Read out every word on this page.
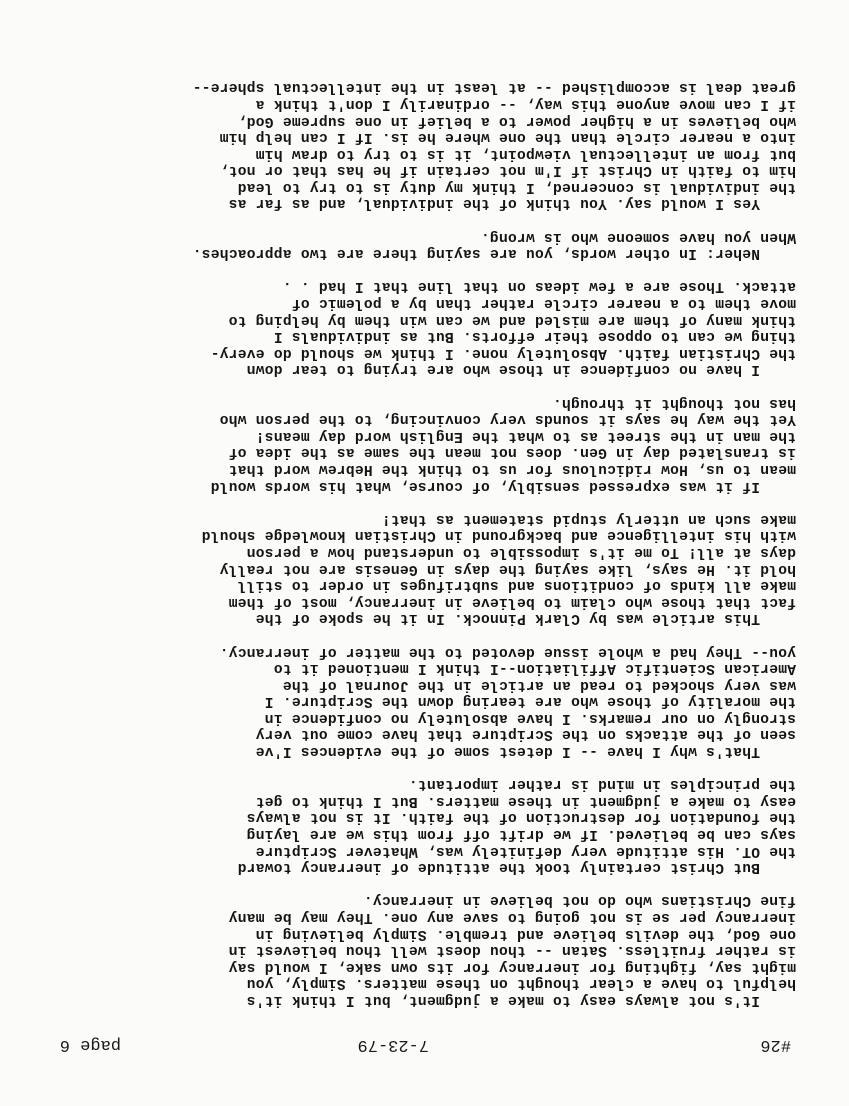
#26
7-23-79
page 6

It's not always easy to make a judgment, but I think it's
helpful to have a clear thought on these matters. Simply, you
might say, fighting for inerrancy for its own sake, I would say
is rather fruitless. Satan -- thou doest well thou believest in
one God, the devils believe and tremble. Simply believing in
inerrancy per se is not going to save any one. They may be many
fine Christians who do not believe in inerrancy.

But Christ certainly took the attitude of inerrancy toward
the OT. His attitude very definitely was, Whatever Scripture
says can be believed. If we drift off from this we are laying
the foundation for destruction of the faith. It is not always
easy to make a judgment in these matters. But I think to get
the principles in mind is rather important.

That's why I have -- I detest some of the evidences I've
seen of the attacks on the Scripture that have come out very
strongly on our remarks. I have absolutely no confidence in
the morality of those who are tearing down the Scripture. I
was very shocked to read an article in the Journal of the
American Scientific Affiliation--I think I mentioned it to
you-- They had a whole issue devoted to the matter of inerrancy.

This article was by Clark Pinnock. In it he spoke of the
fact that those who claim to believe in inerrancy, most of them
make all kinds of conditions and subtrifuges in order to still
hold it. He says, like saying the days in Genesis are not really
days at all! To me it's impossible to understand how a person
with his intelligence and background in Christian knowledge should
make such an utterly stupid statement as that!

If it was expressed sensibly, of course, what his words would
mean to us, How ridiculous for us to think the Hebrew word that
is translated day in Gen. does not mean the same as the idea of
the man in the street as to what the English word day means!
Yet the way he says it sounds very convincing, to the person who
has not thought it through.

I have no confidence in those who are trying to tear down
the Christian faith. Absolutely none. I think we should do every-
thing we can to oppose their efforts. But as individuals I
think many of them are misled and we can win them by helping to
move them to a nearer circle rather than by a polemic of
attack. Those are a few ideas on that line that I had . .

Neher: In other words, you are saying there are two approaches.
When you have someone who is wrong.

Yes I would say. You think of the individual, and as far as
the individual is concerned, I think my duty is to try to lead
him to faith in Christ if I'm not certain if he has that or not,
but from an intellectual viewpoint, it is to try to draw him
into a nearer circle than the one where he is. If I can help him
who believes in a higher power to a belief in one supreme God,
if I can move anyone this way, -- ordinarily I don't think a
great deal is accomplished -- at least in the intellectual sphere--
